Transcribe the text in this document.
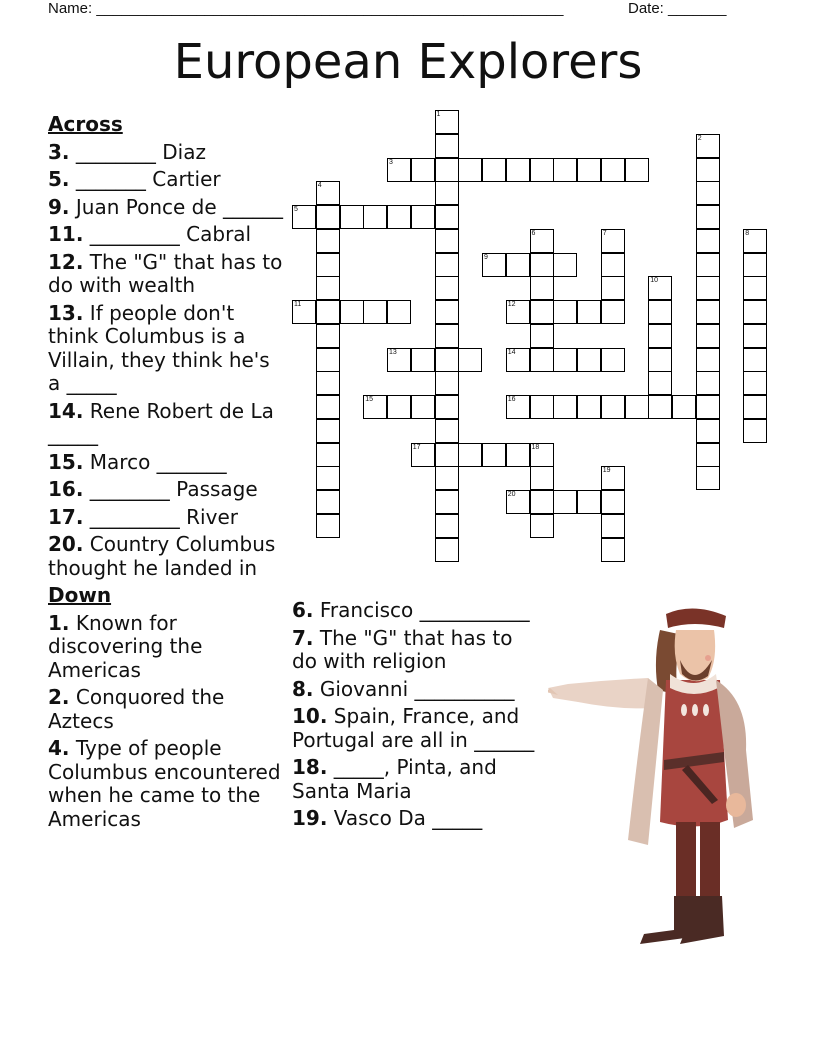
Name: ________________________________________________________	Date: _______
European Explorers
Across
3. ________ Diaz
5. _______ Cartier
9. Juan Ponce de ______
11. _________ Cabral
12. The "G" that has to do with wealth
13. If people don't think Columbus is a Villain, they think he's a _____
14. Rene Robert de La _____
15. Marco _______
16. ________ Passage
17. _________ River
20. Country Columbus thought he landed in
Down
1. Known for discovering the Americas
2. Conquored the Aztecs
4. Type of people Columbus encountered when he came to the Americas
6. Francisco ___________
7. The "G" that has to do with religion
8. Giovanni __________
10. Spain, France, and Portugal are all in ______
18. _____, Pinta, and Santa Maria
19. Vasco Da _____
3
5
9
11	12
13	14
15	16
17	18
20
1
2
4
6	7	8
10
19
